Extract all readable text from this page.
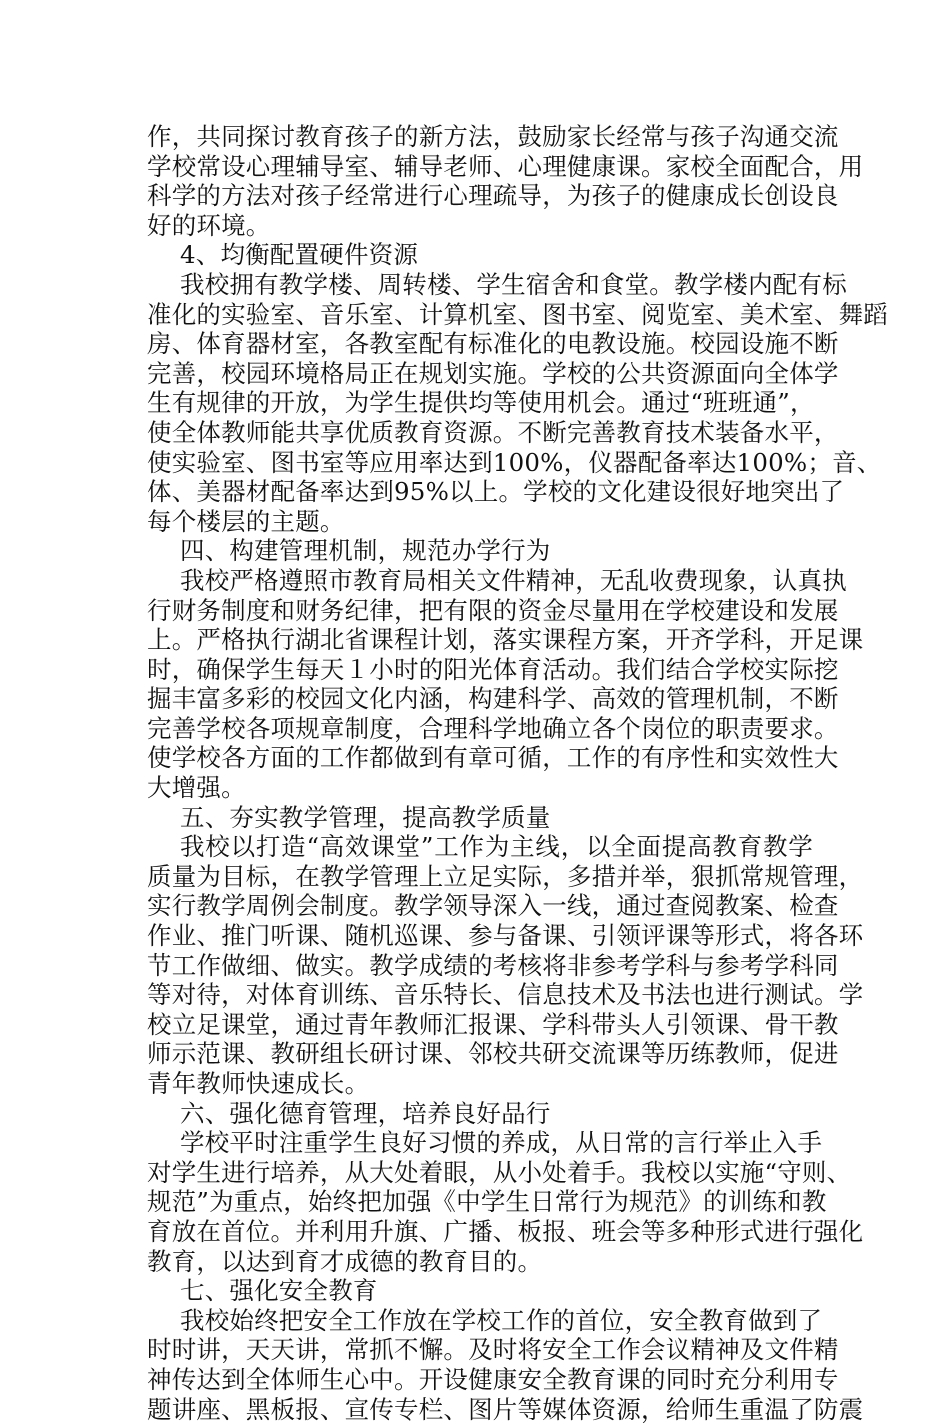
作，共同探讨教育孩子的新方法，鼓励家长经常与孩子沟通交流
学校常设心理辅导室、辅导老师、心理健康课。家校全面配合，用
科学的方法对孩子经常进行心理疏导，为孩子的健康成长创设良
好的环境。
4、均衡配置硬件资源
我校拥有教学楼、周转楼、学生宿舍和食堂。教学楼内配有标
准化的实验室、音乐室、计算机室、图书室、阅览室、美术室、舞蹈
房、体育器材室，各教室配有标准化的电教设施。校园设施不断
完善，校园环境格局正在规划实施。学校的公共资源面向全体学
生有规律的开放，为学生提供均等使用机会。通过“班班通”，
使全体教师能共享优质教育资源。不断完善教育技术装备水平，
使实验室、图书室等应用率达到100%，仪器配备率达100%；音、
体、美器材配备率达到95%以上。学校的文化建设很好地突出了
每个楼层的主题。
四、构建管理机制，规范办学行为
我校严格遵照市教育局相关文件精神，无乱收费现象，认真执
行财务制度和财务纪律，把有限的资金尽量用在学校建设和发展
上。严格执行湖北省课程计划，落实课程方案，开齐学科，开足课
时，确保学生每天１小时的阳光体育活动。我们结合学校实际挖
掘丰富多彩的校园文化内涵，构建科学、高效的管理机制，不断
完善学校各项规章制度，合理科学地确立各个岗位的职责要求。
使学校各方面的工作都做到有章可循，工作的有序性和实效性大
大增强。
五、夯实教学管理，提高教学质量
我校以打造“高效课堂”工作为主线，以全面提高教育教学
质量为目标，在教学管理上立足实际，多措并举，狠抓常规管理，
实行教学周例会制度。教学领导深入一线，通过查阅教案、检查
作业、推门听课、随机巡课、参与备课、引领评课等形式，将各环
节工作做细、做实。教学成绩的考核将非参考学科与参考学科同
等对待，对体育训练、音乐特长、信息技术及书法也进行测试。学
校立足课堂，通过青年教师汇报课、学科带头人引领课、骨干教
师示范课、教研组长研讨课、邻校共研交流课等历练教师，促进
青年教师快速成长。
六、强化德育管理，培养良好品行
学校平时注重学生良好习惯的养成，从日常的言行举止入手
对学生进行培养，从大处着眼，从小处着手。我校以实施“守则、
规范”为重点，始终把加强《中学生日常行为规范》的训练和教
育放在首位。并利用升旗、广播、板报、班会等多种形式进行强化
教育，以达到育才成德的教育目的。
七、强化安全教育
我校始终把安全工作放在学校工作的首位，安全教育做到了
时时讲，天天讲，常抓不懈。及时将安全工作会议精神及文件精
神传达到全体师生心中。开设健康安全教育课的同时充分利用专
题讲座、黑板报、宣传专栏、图片等媒体资源，给师生重温了防震
